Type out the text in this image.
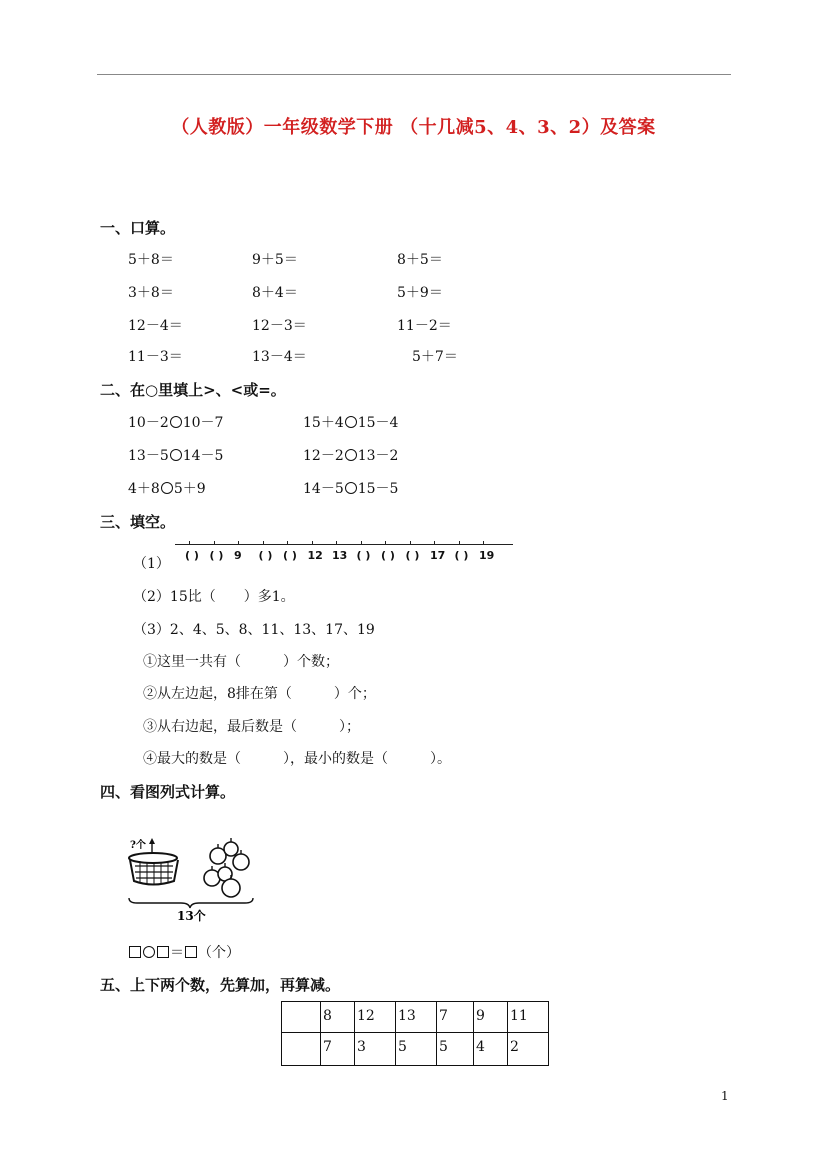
（人教版）一年级数学下册 （十几减5、4、3、2）及答案
一、口算。
5＋8＝	9＋5＝	8＋5＝
3＋8＝	8＋4＝	5＋9＝
12－4＝	12－3＝	11－2＝
11－3＝	13－4＝	5＋7＝
二、在○里填上>、<或=。
10－2 10－7	15＋4 15－4
13－5 14－5	12－2 13－2
4＋8 5＋9	14－5 15－5
三、填空。
（1）
( ) ( ) 9 ( ) ( ) 12 13 ( ) ( ) ( ) 17 ( ) 19
（2）15比（　　）多1。
（3）2、4、5、8、11、13、17、19
①这里一共有（　　　）个数；
②从左边起，8排在第（　　　）个；
③从右边起，最后数是（　　　）；
④最大的数是（　　　），最小的数是（　　　）。
四、看图列式计算。
?个
13个
＝ （个）
五、上下两个数，先算加，再算减。
	8	12	13	7	9	11
	7	3	5	5	4	2
1
